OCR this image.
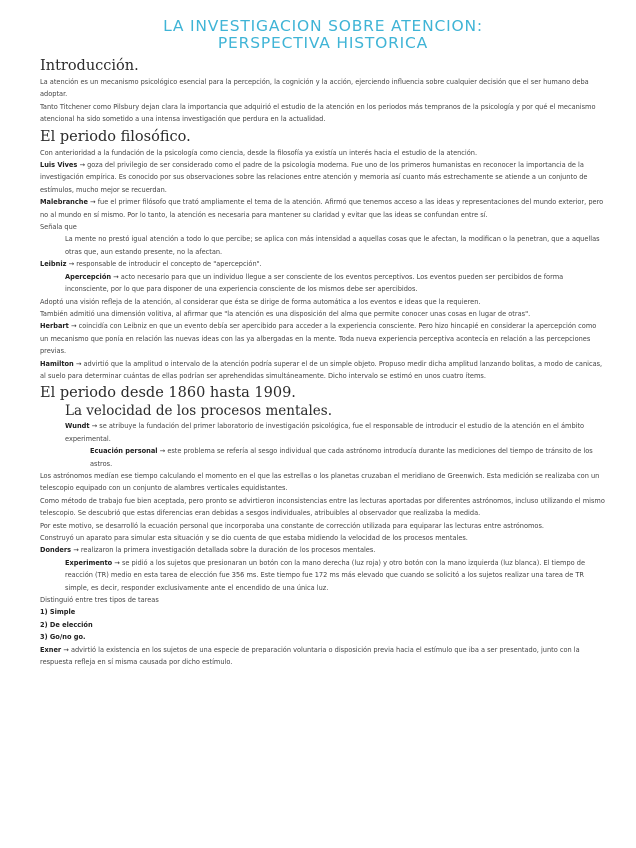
LA INVESTIGACION SOBRE ATENCION:
PERSPECTIVA HISTORICA
Introducción.

La atención es un mecanismo psicológico esencial para la percepción, la cognición y la acción, ejerciendo influencia sobre cualquier decisión que el ser humano deba adoptar.

Tanto Titchener como Pilsbury dejan clara la importancia que adquirió el estudio de la atención en los periodos más tempranos de la psicología y por qué el mecanismo atencional ha sido sometido a una intensa investigación que perdura en la actualidad.

El periodo filosófico.

Con anterioridad a la fundación de la psicología como ciencia, desde la filosofía ya existía un interés hacia el estudio de la atención.

Luis Vives → goza del privilegio de ser considerado como el padre de la psicología moderna. Fue uno de los primeros humanistas en reconocer la importancia de la investigación empírica. Es conocido por sus observaciones sobre las relaciones entre atención y memoria así cuanto más estrechamente se atiende a un conjunto de estímulos, mucho mejor se recuerdan.

Malebranche → fue el primer filósofo que trató ampliamente el tema de la atención. Afirmó que tenemos acceso a las ideas y representaciones del mundo exterior, pero no al mundo en sí mismo. Por lo tanto, la atención es necesaria para mantener su claridad y evitar que las ideas se confundan entre sí.

Señala que

La mente no prestó igual atención a todo lo que percibe; se aplica con más intensidad a aquellas cosas que le afectan, la modifican o la penetran, que a aquellas otras que, aun estando presente, no la afectan.

Leibniz → responsable de introducir el concepto de "apercepción".

Apercepción → acto necesario para que un individuo llegue a ser consciente de los eventos perceptivos. Los eventos pueden ser percibidos de forma inconsciente, por lo que para disponer de una experiencia consciente de los mismos debe ser apercibidos.

Adoptó una visión refleja de la atención, al considerar que ésta se dirige de forma automática a los eventos e ideas que la requieren.

También admitió una dimensión volitiva, al afirmar que "la atención es una disposición del alma que permite conocer unas cosas en lugar de otras".

Herbart → coincidía con Leibniz en que un evento debía ser apercibido para acceder a la experiencia consciente. Pero hizo hincapié en considerar la apercepción como un mecanismo que ponía en relación las nuevas ideas con las ya albergadas en la mente. Toda nueva experiencia perceptiva acontecía en relación a las percepciones previas.

Hamilton → advirtió que la amplitud o intervalo de la atención podría superar el de un simple objeto. Propuso medir dicha amplitud lanzando bolitas, a modo de canicas, al suelo para determinar cuántas de ellas podrían ser aprehendidas simultáneamente. Dicho intervalo se estimó en unos cuatro ítems.

El periodo desde 1860 hasta 1909.
La velocidad de los procesos mentales.

Wundt → se atribuye la fundación del primer laboratorio de investigación psicológica, fue el responsable de introducir el estudio de la atención en el ámbito experimental.

Ecuación personal → este problema se refería al sesgo individual que cada astrónomo introducía durante las mediciones del tiempo de tránsito de los astros.

Los astrónomos medían ese tiempo calculando el momento en el que las estrellas o los planetas cruzaban el meridiano de Greenwich. Esta medición se realizaba con un telescopio equipado con un conjunto de alambres verticales equidistantes.

Como método de trabajo fue bien aceptada, pero pronto se advirtieron inconsistencias entre las lecturas aportadas por diferentes astrónomos, incluso utilizando el mismo telescopio. Se descubrió que estas diferencias eran debidas a sesgos individuales, atribuibles al observador que realizaba la medida.

Por este motivo, se desarrolló la ecuación personal que incorporaba una constante de corrección utilizada para equiparar las lecturas entre astrónomos.

Construyó un aparato para simular esta situación y se dio cuenta de que estaba midiendo la velocidad de los procesos mentales.

Donders → realizaron la primera investigación detallada sobre la duración de los procesos mentales.

Experimento → se pidió a los sujetos que presionaran un botón con la mano derecha (luz roja) y otro botón con la mano izquierda (luz blanca). El tiempo de reacción (TR) medio en esta tarea de elección fue 356 ms. Este tiempo fue 172 ms más elevado que cuando se solicitó a los sujetos realizar una tarea de TR simple, es decir, responder exclusivamente ante el encendido de una única luz.

Distinguió entre tres tipos de tareas

1) Simple

2) De elección

3) Go/no go.

Exner → advirtió la existencia en los sujetos de una especie de preparación voluntaria o disposición previa hacia el estímulo que iba a ser presentado, junto con la respuesta refleja en sí misma causada por dicho estímulo.
